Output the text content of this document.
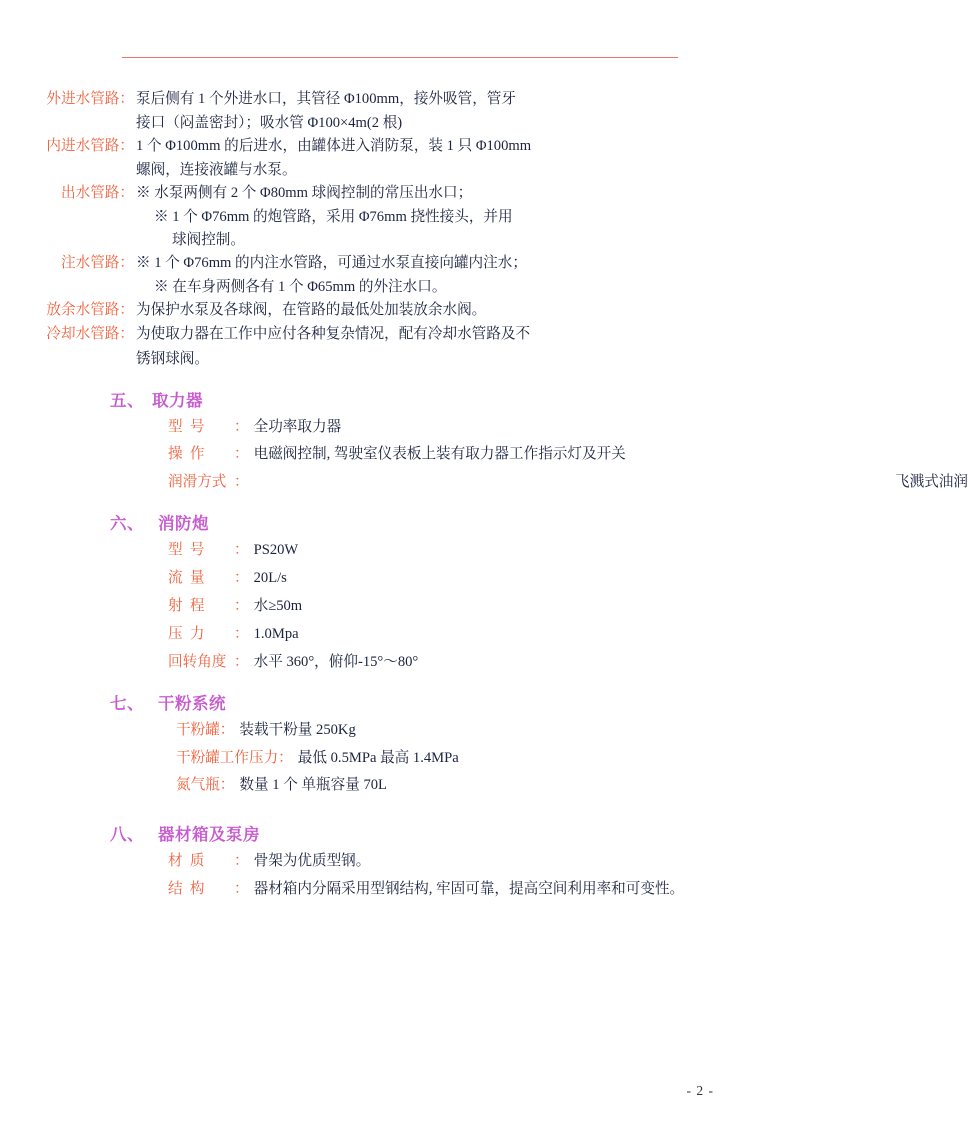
外进水管路： 泵后侧有 1 个外进水口，其管径 Φ100mm，接外吸管，管牙
接口（闷盖密封）；吸水管 Φ100×4m(2 根)
内进水管路： 1 个 Φ100mm 的后进水，由罐体进入消防泵，装 1 只 Φ100mm
螺阀，连接液罐与水泵。
出水管路： ※ 水泵两侧有 2 个 Φ80mm 球阀控制的常压出水口；
※ 1 个 Φ76mm 的炮管路，采用 Φ76mm 挠性接头，并用
球阀控制。
注水管路： ※ 1 个 Φ76mm 的内注水管路，可通过水泵直接向罐内注水；
※ 在车身两侧各有 1 个 Φ65mm 的外注水口。
放余水管路： 为保护水泵及各球阀，在管路的最低处加装放余水阀。
冷却水管路： 为使取力器在工作中应付各种复杂情况，配有冷却水管路及不
锈钢球阀。
五、 取力器
型  号	： 全功率取力器
操  作	： 电磁阀控制, 驾驶室仪表板上装有取力器工作指示灯及开关
润滑方式 ：	飞溅式油润
六、 消防炮
型  号	： PS20W
流  量	： 20L/s
射  程	： 水≥50m
压  力	： 1.0Mpa
回转角度 ： 水平 360°，俯仰-15°～80°
七、 干粉系统
干粉罐 ： 装载干粉量 250Kg
干粉罐工作压力 ： 最低 0.5MPa 最高 1.4MPa
氮气瓶 ： 数量 1 个 单瓶容量 70L
八、 器材箱及泵房
材  质	： 骨架为优质型钢。
结  构	： 器材箱内分隔采用型钢结构, 牢固可靠，提高空间利用率和可变性。
- 2 -
